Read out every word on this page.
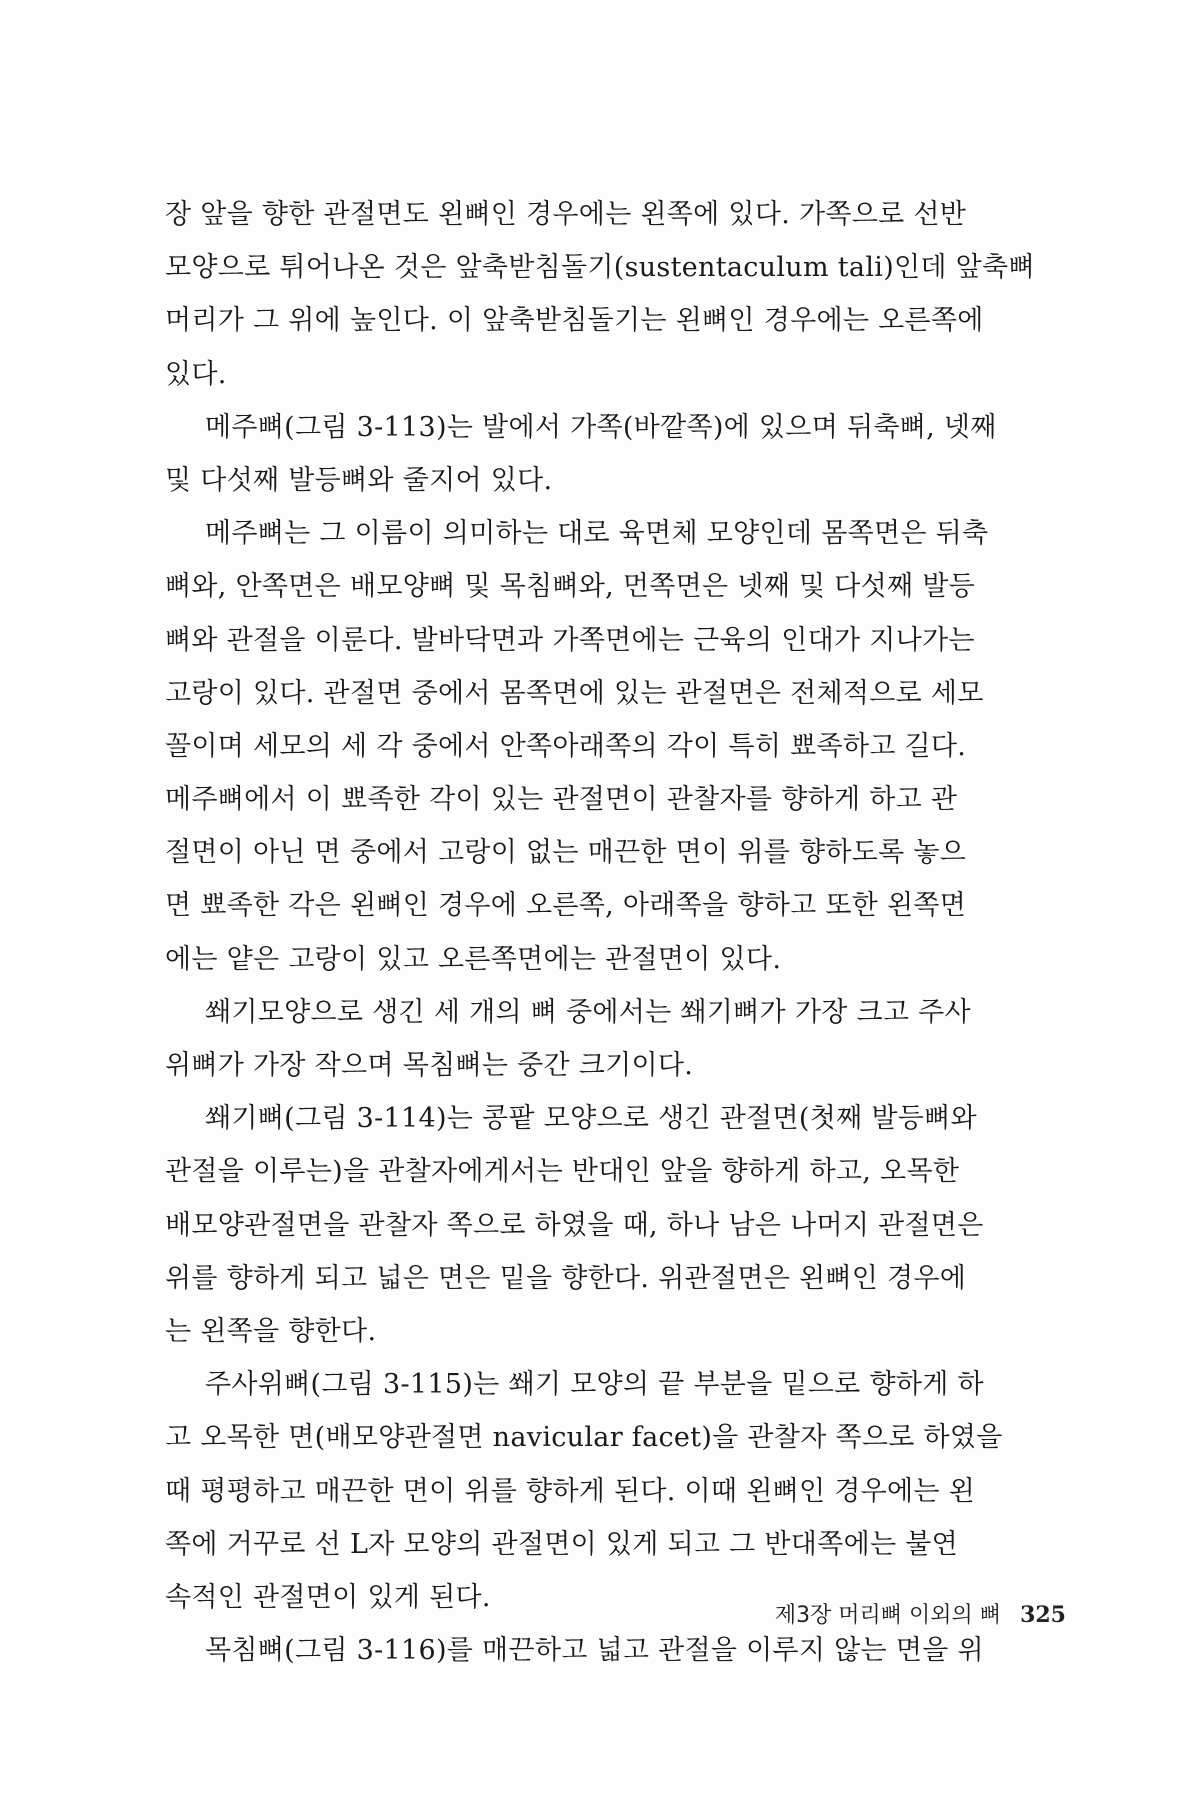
장 앞을 향한 관절면도 왼뼈인 경우에는 왼쪽에 있다. 가쪽으로 선반
모양으로 튀어나온 것은 앞축받침돌기(sustentaculum tali)인데 앞축뼈
머리가 그 위에 높인다. 이 앞축받침돌기는 왼뼈인 경우에는 오른쪽에
있다.
메주뼈(그림 3-113)는 발에서 가쪽(바깥쪽)에 있으며 뒤축뼈, 넷째
및 다섯째 발등뼈와 줄지어 있다.
메주뼈는 그 이름이 의미하는 대로 육면체 모양인데 몸쪽면은 뒤축
뼈와, 안쪽면은 배모양뼈 및 목침뼈와, 먼쪽면은 넷째 및 다섯째 발등
뼈와 관절을 이룬다. 발바닥면과 가쪽면에는 근육의 인대가 지나가는
고랑이 있다. 관절면 중에서 몸쪽면에 있는 관절면은 전체적으로 세모
꼴이며 세모의 세 각 중에서 안쪽아래쪽의 각이 특히 뾰족하고 길다.
메주뼈에서 이 뾰족한 각이 있는 관절면이 관찰자를 향하게 하고 관
절면이 아닌 면 중에서 고랑이 없는 매끈한 면이 위를 향하도록 놓으
면 뾰족한 각은 왼뼈인 경우에 오른쪽, 아래쪽을 향하고 또한 왼쪽면
에는 얕은 고랑이 있고 오른쪽면에는 관절면이 있다.
쐐기모양으로 생긴 세 개의 뼈 중에서는 쐐기뼈가 가장 크고 주사
위뼈가 가장 작으며 목침뼈는 중간 크기이다.
쐐기뼈(그림 3-114)는 콩팥 모양으로 생긴 관절면(첫째 발등뼈와
관절을 이루는)을 관찰자에게서는 반대인 앞을 향하게 하고, 오목한
배모양관절면을 관찰자 쪽으로 하였을 때, 하나 남은 나머지 관절면은
위를 향하게 되고 넓은 면은 밑을 향한다. 위관절면은 왼뼈인 경우에
는 왼쪽을 향한다.
주사위뼈(그림 3-115)는 쐐기 모양의 끝 부분을 밑으로 향하게 하
고 오목한 면(배모양관절면 navicular facet)을 관찰자 쪽으로 하였을
때 평평하고 매끈한 면이 위를 향하게 된다. 이때 왼뼈인 경우에는 왼
쪽에 거꾸로 선 L자 모양의 관절면이 있게 되고 그 반대쪽에는 불연
속적인 관절면이 있게 된다.
목침뼈(그림 3-116)를 매끈하고 넓고 관절을 이루지 않는 면을 위
제3장 머리뼈 이외의 뼈 325
